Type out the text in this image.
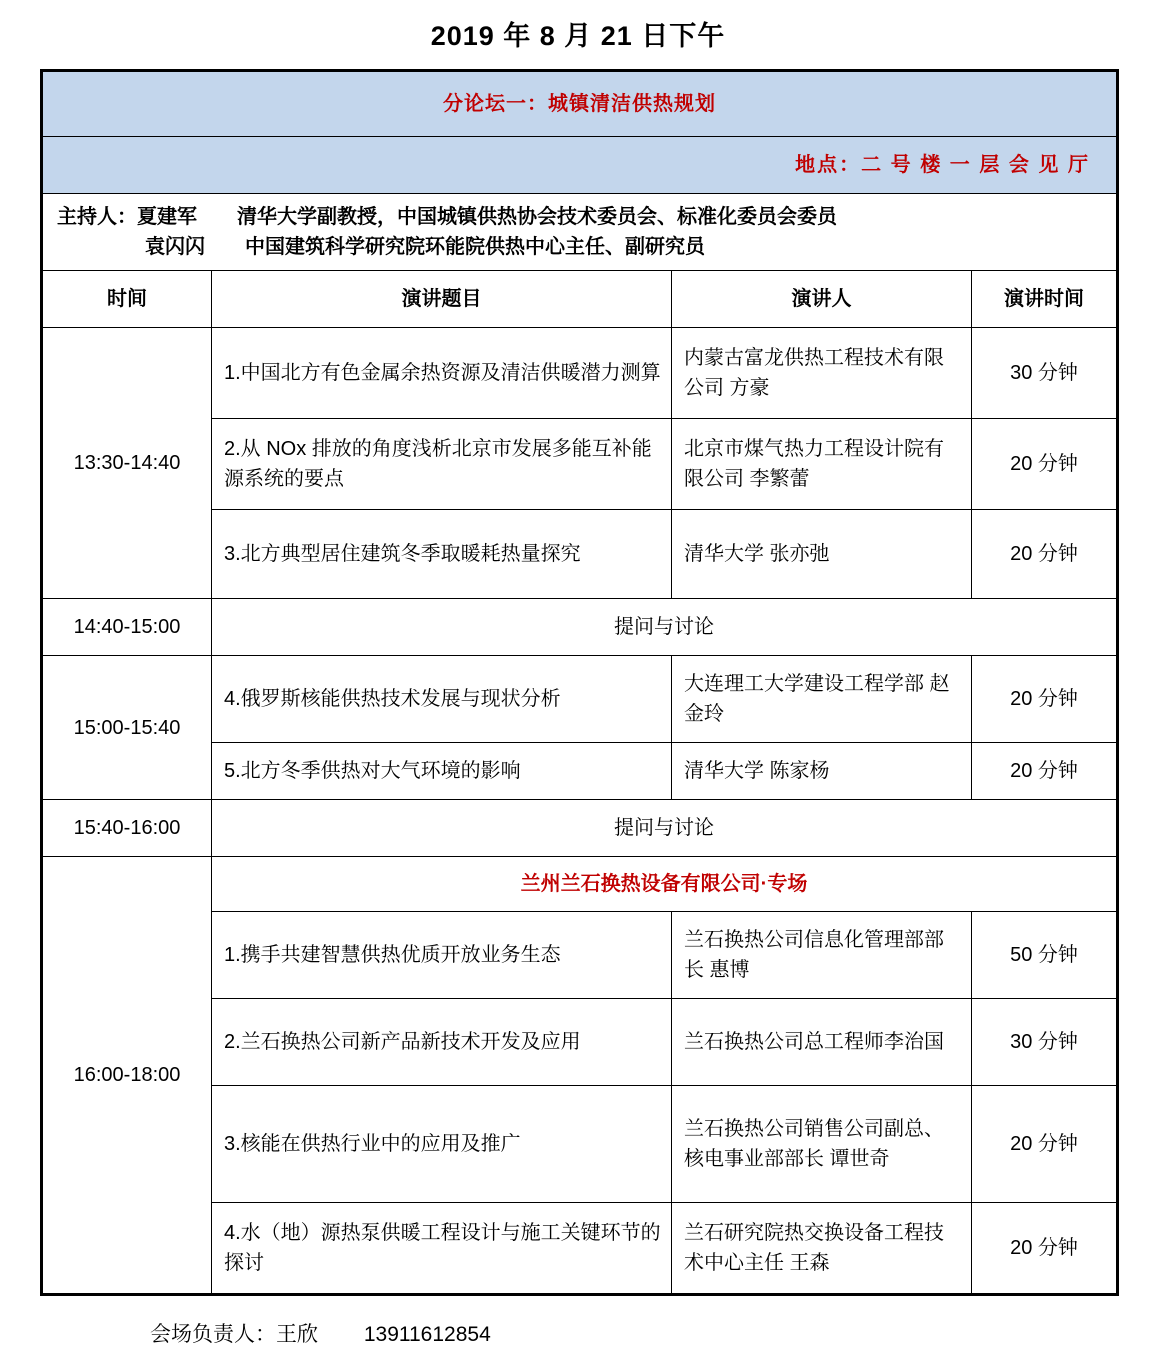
2019 年 8 月 21 日下午
分论坛一：城镇清洁供热规划			
地点：二 号 楼 一 层 会 见 厅			

主持人：夏建军　　清华大学副教授，中国城镇供热协会技术委员会、标准化委员会委员
袁闪闪　　中国建筑科学研究院环能院供热中心主任、副研究员			

时间	演讲题目	演讲人	演讲时间
13:30-14:40	1.中国北方有色金属余热资源及清洁供暖潜力测算	内蒙古富龙供热工程技术有限公司 方豪	30 分钟
	2.从 NOx 排放的角度浅析北京市发展多能互补能源系统的要点	北京市煤气热力工程设计院有限公司 李繁蕾	20 分钟
	3.北方典型居住建筑冬季取暖耗热量探究	清华大学 张亦弛	20 分钟
14:40-15:00	提问与讨论		
15:00-15:40	4.俄罗斯核能供热技术发展与现状分析	大连理工大学建设工程学部 赵金玲	20 分钟
	5.北方冬季供热对大气环境的影响	清华大学 陈家杨	20 分钟
15:40-16:00	提问与讨论		
16:00-18:00	兰州兰石换热设备有限公司·专场		
	1.携手共建智慧供热优质开放业务生态	兰石换热公司信息化管理部部长 惠博	50 分钟
	2.兰石换热公司新产品新技术开发及应用	兰石换热公司总工程师李治国	30 分钟
	3.核能在供热行业中的应用及推广	兰石换热公司销售公司副总、核电事业部部长 谭世奇	20 分钟
	4.水（地）源热泵供暖工程设计与施工关键环节的探讨	兰石研究院热交换设备工程技术中心主任 王森	20 分钟
会场负责人：王欣 13911612854
